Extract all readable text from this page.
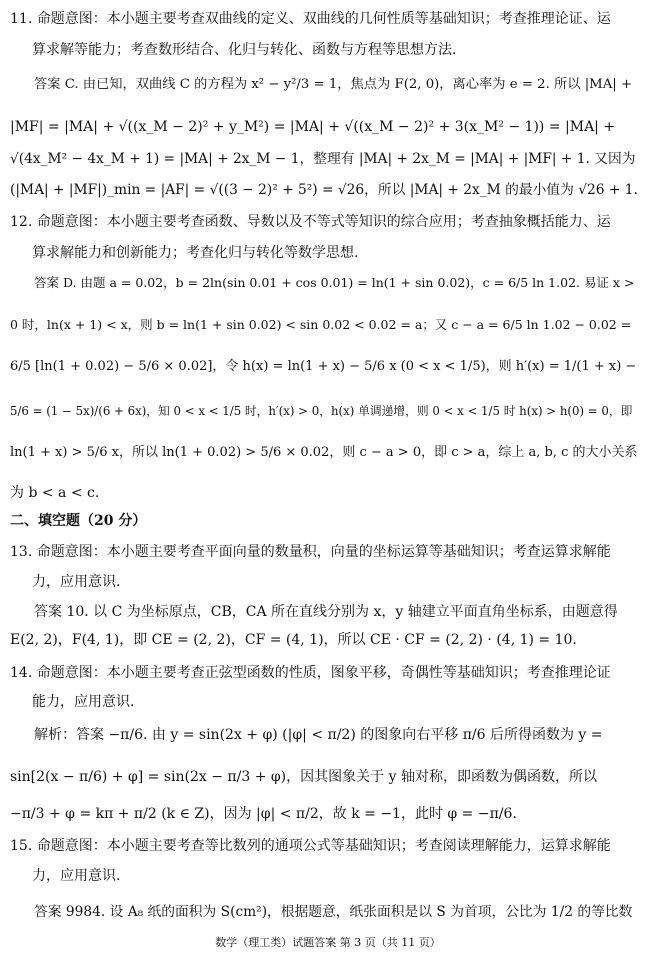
11. 命题意图：本小题主要考查双曲线的定义、双曲线的几何性质等基础知识；考查推理论证、运
算求解等能力；考查数形结合、化归与转化、函数与方程等思想方法.
答案 C. 由已知，双曲线 C 的方程为 x² − y²/3 = 1，焦点为 F(2, 0)，离心率为 e = 2. 所以 |MA| +
|MF| = |MA| + √((x_M − 2)² + y_M²) = |MA| + √((x_M − 2)² + 3(x_M² − 1)) = |MA| +
√(4x_M² − 4x_M + 1) = |MA| + 2x_M − 1，整理有 |MA| + 2x_M = |MA| + |MF| + 1. 又因为
(|MA| + |MF|)_min = |AF| = √((3 − 2)² + 5²) = √26，所以 |MA| + 2x_M 的最小值为 √26 + 1.
12. 命题意图：本小题主要考查函数、导数以及不等式等知识的综合应用；考查抽象概括能力、运
算求解能力和创新能力；考查化归与转化等数学思想.
答案 D. 由题 a = 0.02，b = 2ln(sin 0.01 + cos 0.01) = ln(1 + sin 0.02)，c = 6/5 ln 1.02. 易证 x >
0 时，ln(x + 1) < x，则 b = ln(1 + sin 0.02) < sin 0.02 < 0.02 = a；又 c − a = 6/5 ln 1.02 − 0.02 =
6/5 [ln(1 + 0.02) − 5/6 × 0.02]，令 h(x) = ln(1 + x) − 5/6 x (0 < x < 1/5)，则 h′(x) = 1/(1 + x) −
5/6 = (1 − 5x)/(6 + 6x)，知 0 < x < 1/5 时，h′(x) > 0，h(x) 单调递增，则 0 < x < 1/5 时 h(x) > h(0) = 0，即
ln(1 + x) > 5/6 x，所以 ln(1 + 0.02) > 5/6 × 0.02，则 c − a > 0，即 c > a，综上 a, b, c 的大小关系
为 b < a < c.
二、填空题（20 分）
13. 命题意图：本小题主要考查平面向量的数量积，向量的坐标运算等基础知识；考查运算求解能
力，应用意识.
答案 10. 以 C 为坐标原点，CB，CA 所在直线分别为 x，y 轴建立平面直角坐标系，由题意得
E(2, 2)，F(4, 1)，即 CE = (2, 2)，CF = (4, 1)，所以 CE · CF = (2, 2) · (4, 1) = 10.
14. 命题意图：本小题主要考查正弦型函数的性质，图象平移，奇偶性等基础知识；考查推理论证
能力，应用意识.
解析：答案 −π/6. 由 y = sin(2x + φ) (|φ| < π/2) 的图象向右平移 π/6 后所得函数为 y =
sin[2(x − π/6) + φ] = sin(2x − π/3 + φ)，因其图象关于 y 轴对称，即函数为偶函数，所以
−π/3 + φ = kπ + π/2 (k ∈ Z)，因为 |φ| < π/2，故 k = −1，此时 φ = −π/6.
15. 命题意图：本小题主要考查等比数列的通项公式等基础知识；考查阅读理解能力，运算求解能
力，应用意识.
答案 9984. 设 A₈ 纸的面积为 S(cm²)，根据题意，纸张面积是以 S 为首项，公比为 1/2 的等比数
数学（理工类）试题答案 第 3 页（共 11 页）
